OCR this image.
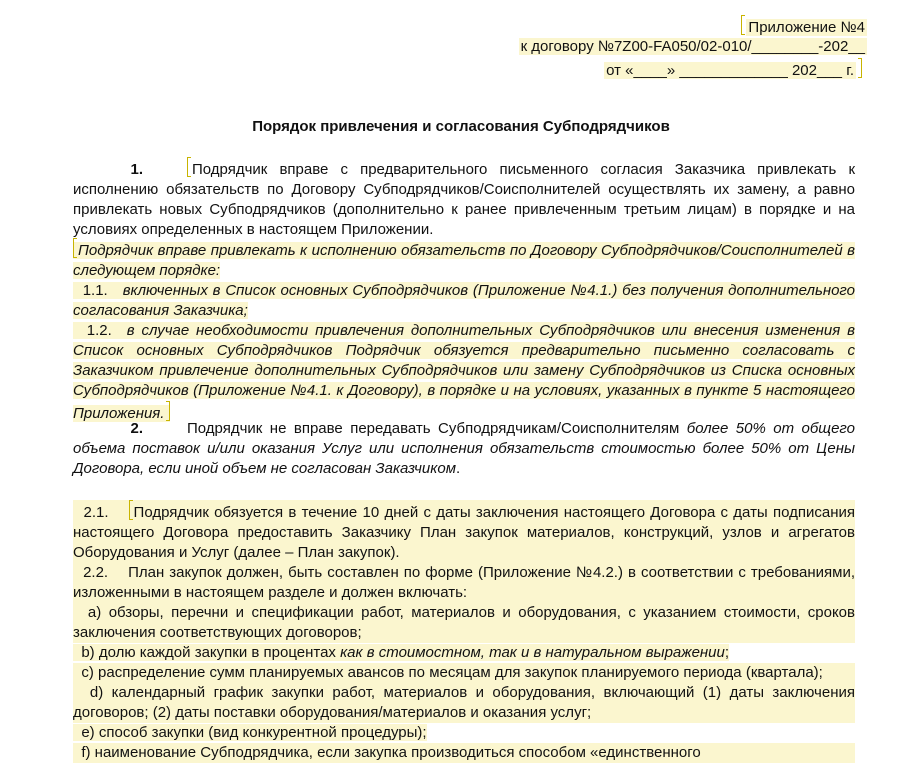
Приложение №4
к договору №7Z00-FA050/02-010/________-202__
от «____» _____________ 202___ г.
Порядок привлечения и согласования Субподрядчиков

1.	Подрядчик вправе с предварительного письменного согласия Заказчика привлекать к исполнению обязательств по Договору Субподрядчиков/Соисполнителей осуществлять их замену, а равно привлекать новых Субподрядчиков (дополнительно к ранее привлеченным третьим лицам) в порядке и на условиях определенных в настоящем Приложении.

Подрядчик вправе привлекать к исполнению обязательств по Договору Субподрядчиков/Соисполнителей в следующем порядке:

1.1. включенных в Список основных Субподрядчиков (Приложение №4.1.) без получения дополнительного согласования Заказчика;

1.2. в случае необходимости привлечения дополнительных Субподрядчиков или внесения изменения в Список основных Субподрядчиков Подрядчик обязуется предварительно письменно согласовать с Заказчиком привлечение дополнительных Субподрядчиков или замену Субподрядчиков из Списка основных Субподрядчиков (Приложение №4.1. к Договору), в порядке и на условиях, указанных в пункте 5 настоящего Приложения.

2.	Подрядчик не вправе передавать Субподрядчикам/Соисполнителям более 50% от общего объема поставок и/или оказания Услуг или исполнения обязательств стоимостью более 50% от Цены Договора, если иной объем не согласован Заказчиком.

2.1. Подрядчик обязуется в течение 10 дней с даты заключения настоящего Договора с даты подписания настоящего Договора предоставить Заказчику План закупок материалов, конструкций, узлов и агрегатов Оборудования и Услуг (далее – План закупок).

2.2. План закупок должен, быть составлен по форме (Приложение №4.2.) в соответствии с требованиями, изложенными в настоящем разделе и должен включать:

а) обзоры, перечни и спецификации работ, материалов и оборудования, с указанием стоимости, сроков заключения соответствующих договоров;

b) долю каждой закупки в процентах как в стоимостном, так и в натуральном выражении;

с) распределение сумм планируемых авансов по месяцам для закупок планируемого периода (квартала);

d) календарный график закупки работ, материалов и оборудования, включающий (1) даты заключения договоров; (2) даты поставки оборудования/материалов и оказания услуг;

е) способ закупки (вид конкурентной процедуры);

f) наименование Субподрядчика, если закупка производиться способом «единственного
